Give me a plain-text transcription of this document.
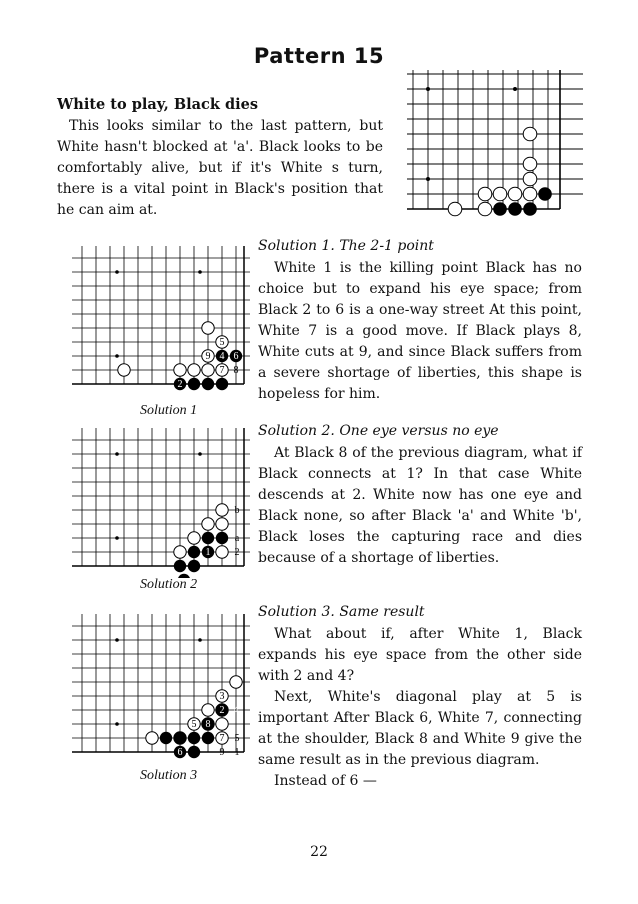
Pattern 15
White to play, Black dies
This looks similar to the last pattern, but White hasn't blocked at 'a'. Black looks to be comfortably alive, but if it's White s turn, there is a vital point in Black's position that he can aim at.
Solution 1. The 2-1 point

White 1 is the killing point Black has no choice but to expand his eye space; from Black 2 to 6 is a one-way street At this point, White 7 is a good move. If Black plays 8, White cuts at 9, and since Black suffers from a severe shortage of liberties, this shape is hopeless for him.

5
4 6
7
9
8
2 3 1
Solution 1
Solution 2. One eye versus no eye

At Black 8 of the previous diagram, what if Black connects at 1? In that case White descends at 2. White now has one eye and Black none, so after Black 'a' and White 'b', Black loses the capturing race and dies because of a shortage of liberties.

b
a
1 2
Solution 2
Solution 3. Same result

What about if, after White 1, Black expands his eye space from the other side with 2 and 4?

Next, White's diagonal play at 5 is important After Black 6, White 7, connecting at the shoulder, Black 8 and White 9 give the same result as in the previous diagram.

Instead of 6 —

3
2 4
8
5
7 5
6	9 1
Solution 3
22
